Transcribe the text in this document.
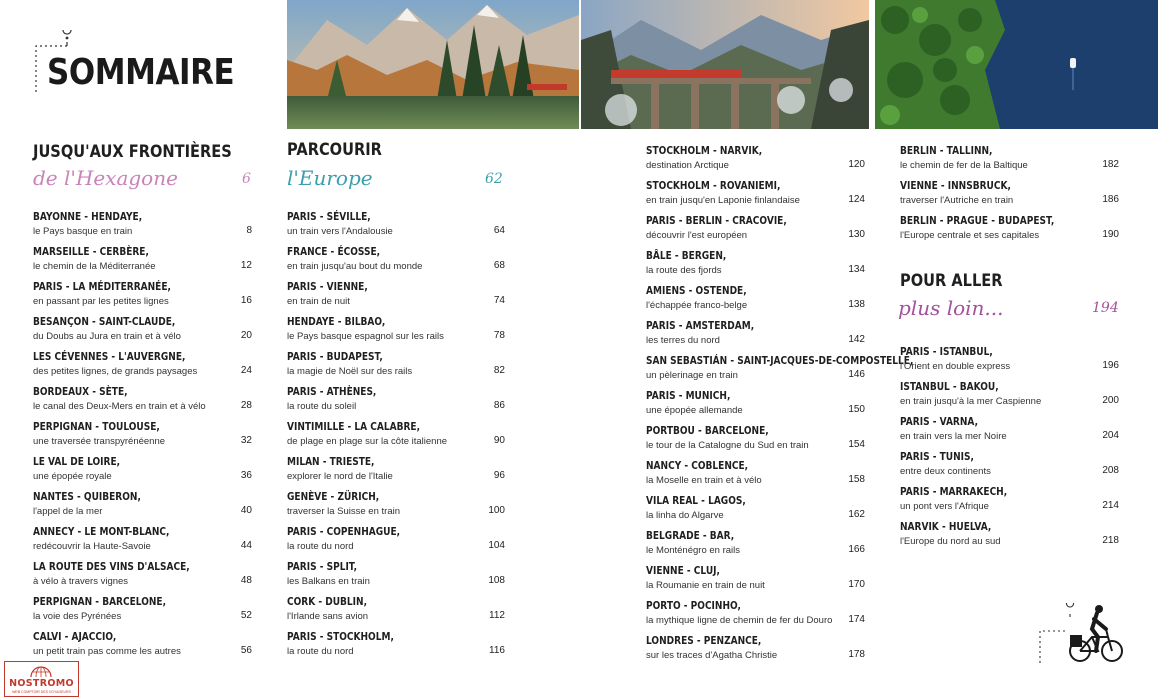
SOMMAIRE
JUSQU'AUX FRONTIÈRES
de l'Hexagone	6
BAYONNE - HENDAYE,
le Pays basque en train	8
MARSEILLE - CERBÈRE,
le chemin de la Méditerranée	12
PARIS - LA MÉDITERRANÉE,
en passant par les petites lignes	16
BESANÇON - SAINT-CLAUDE,
du Doubs au Jura en train et à vélo	20
LES CÉVENNES - L'AUVERGNE,
des petites lignes, de grands paysages	24
BORDEAUX - SÈTE,
le canal des Deux-Mers en train et à vélo	28
PERPIGNAN - TOULOUSE,
une traversée transpyrénéenne	32
LE VAL DE LOIRE,
une épopée royale	36
NANTES - QUIBERON,
l'appel de la mer	40
ANNECY - LE MONT-BLANC,
redécouvrir la Haute-Savoie	44
LA ROUTE DES VINS D'ALSACE,
à vélo à travers vignes	48
PERPIGNAN - BARCELONE,
la voie des Pyrénées	52
CALVI - AJACCIO,
un petit train pas comme les autres	56
PARCOURIR
l'Europe	62
PARIS - SÉVILLE,
un train vers l'Andalousie	64
FRANCE - ÉCOSSE,
en train jusqu'au bout du monde	68
PARIS - VIENNE,
en train de nuit	74
HENDAYE - BILBAO,
le Pays basque espagnol sur les rails	78
PARIS - BUDAPEST,
la magie de Noël sur des rails	82
PARIS - ATHÈNES,
la route du soleil	86
VINTIMILLE - LA CALABRE,
de plage en plage sur la côte italienne	90
MILAN - TRIESTE,
explorer le nord de l'Italie	96
GENÈVE - ZÜRICH,
traverser la Suisse en train	100
PARIS - COPENHAGUE,
la route du nord	104
PARIS - SPLIT,
les Balkans en train	108
CORK - DUBLIN,
l'Irlande sans avion	112
PARIS - STOCKHOLM,
la route du nord	116
STOCKHOLM - NARVIK,
destination Arctique	120
STOCKHOLM - ROVANIEMI,
en train jusqu'en Laponie finlandaise	124
PARIS - BERLIN - CRACOVIE,
découvrir l'est européen	130
BÂLE - BERGEN,
la route des fjords	134
AMIENS - OSTENDE,
l'échappée franco-belge	138
PARIS - AMSTERDAM,
les terres du nord	142
SAN SEBASTIÁN - SAINT-JACQUES-DE-COMPOSTELLE,
un pèlerinage en train	146
PARIS - MUNICH,
une épopée allemande	150
PORTBOU - BARCELONE,
le tour de la Catalogne du Sud en train	154
NANCY - COBLENCE,
la Moselle en train et à vélo	158
VILA REAL - LAGOS,
la linha do Algarve	162
BELGRADE - BAR,
le Monténégro en rails	166
VIENNE - CLUJ,
la Roumanie en train de nuit	170
PORTO - POCINHO,
la mythique ligne de chemin de fer du Douro 174
LONDRES - PENZANCE,
sur les traces d'Agatha Christie	178
BERLIN - TALLINN,
le chemin de fer de la Baltique	182
VIENNE - INNSBRUCK,
traverser l'Autriche en train	186
BERLIN - PRAGUE - BUDAPEST,
l'Europe centrale et ses capitales	190
POUR ALLER
plus loin...	194
PARIS - ISTANBUL,
l'Orient en double express	196
ISTANBUL - BAKOU,
en train jusqu'à la mer Caspienne	200
PARIS - VARNA,
en train vers la mer Noire	204
PARIS - TUNIS,
entre deux continents	208
PARIS - MARRAKECH,
un pont vers l'Afrique	214
NARVIK - HUELVA,
l'Europe du nord au sud	218
NOSTROMO
WEB COMPTOIR DES VOYAGEURS
